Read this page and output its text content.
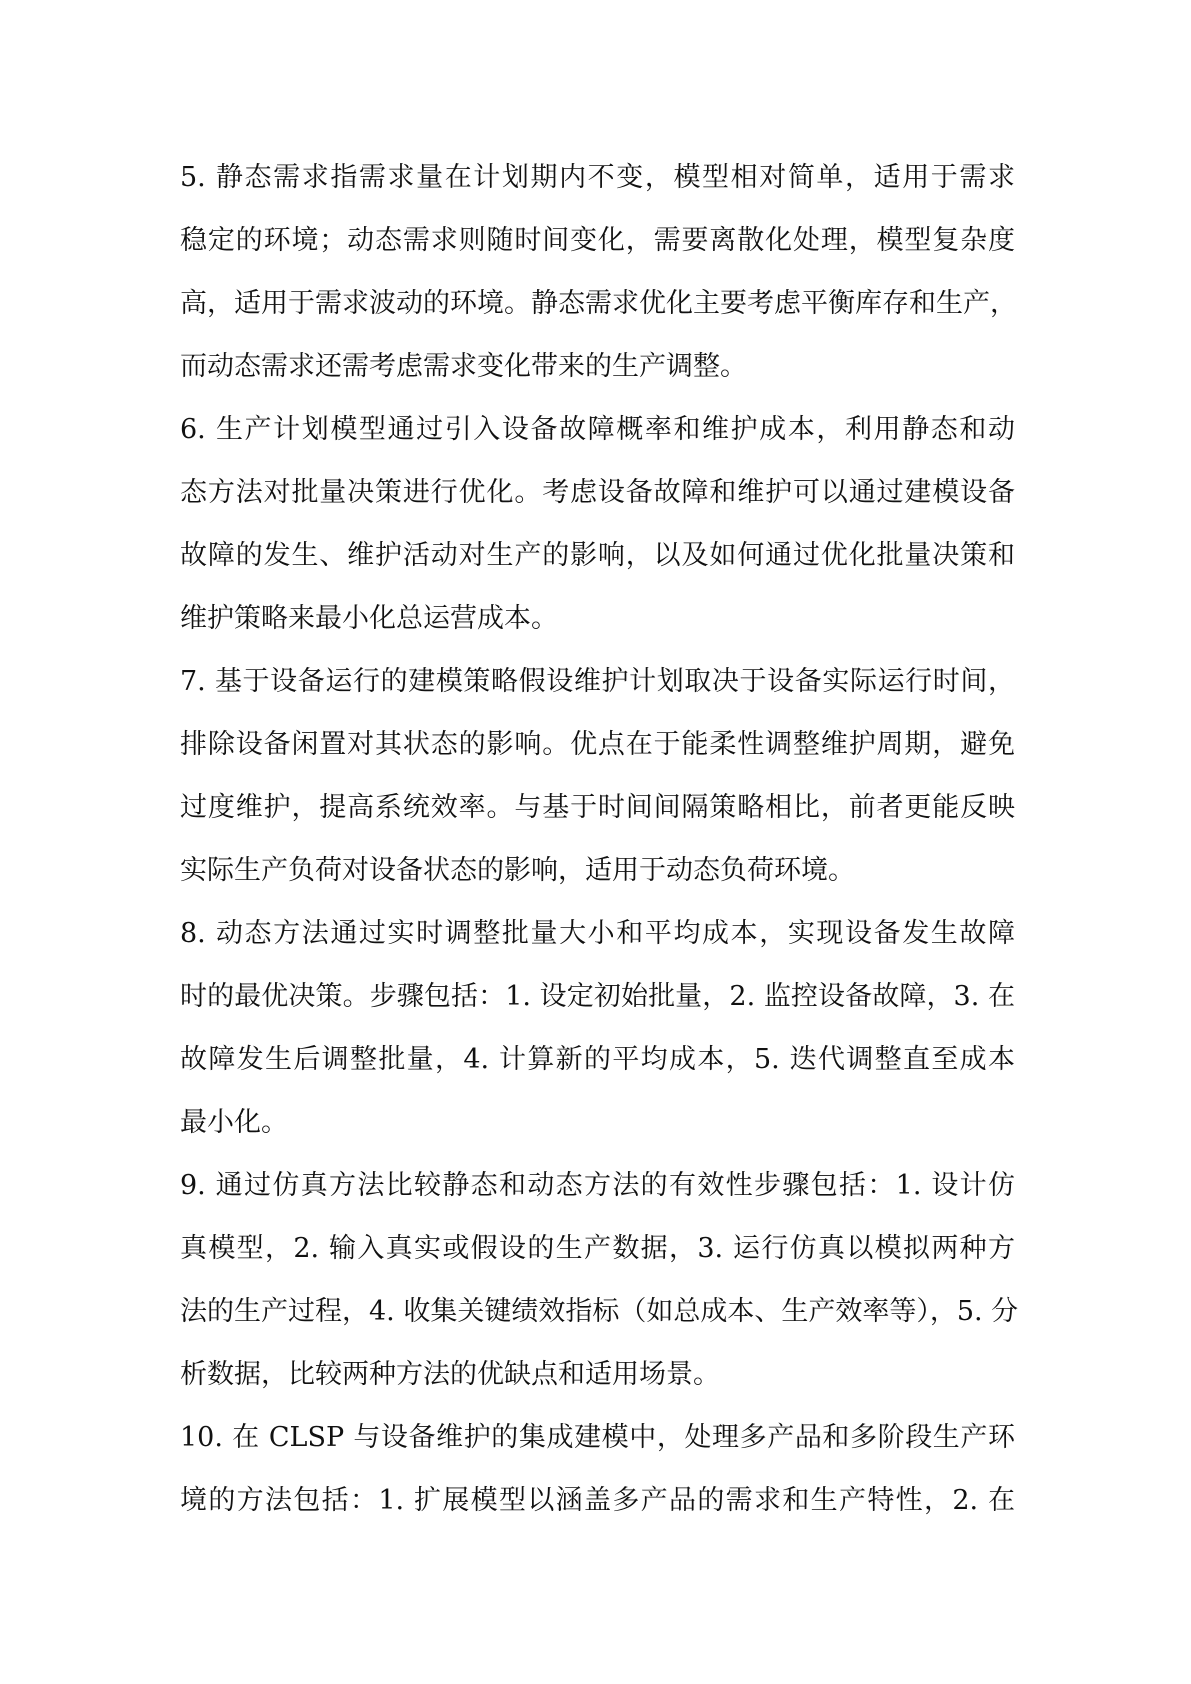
5. 静态需求指需求量在计划期内不变，模型相对简单，适用于需求
稳定的环境；动态需求则随时间变化，需要离散化处理，模型复杂度
高，适用于需求波动的环境。静态需求优化主要考虑平衡库存和生产，
而动态需求还需考虑需求变化带来的生产调整。
6. 生产计划模型通过引入设备故障概率和维护成本，利用静态和动
态方法对批量决策进行优化。考虑设备故障和维护可以通过建模设备
故障的发生、维护活动对生产的影响，以及如何通过优化批量决策和
维护策略来最小化总运营成本。
7. 基于设备运行的建模策略假设维护计划取决于设备实际运行时间，
排除设备闲置对其状态的影响。优点在于能柔性调整维护周期，避免
过度维护，提高系统效率。与基于时间间隔策略相比，前者更能反映
实际生产负荷对设备状态的影响，适用于动态负荷环境。
8. 动态方法通过实时调整批量大小和平均成本，实现设备发生故障
时的最优决策。步骤包括：1. 设定初始批量，2. 监控设备故障，3. 在
故障发生后调整批量，4. 计算新的平均成本，5. 迭代调整直至成本
最小化。
9. 通过仿真方法比较静态和动态方法的有效性步骤包括：1. 设计仿
真模型，2. 输入真实或假设的生产数据，3. 运行仿真以模拟两种方
法的生产过程，4. 收集关键绩效指标（如总成本、生产效率等），5. 分
析数据，比较两种方法的优缺点和适用场景。
10. 在 CLSP 与设备维护的集成建模中，处理多产品和多阶段生产环
境的方法包括：1. 扩展模型以涵盖多产品的需求和生产特性，2. 在
